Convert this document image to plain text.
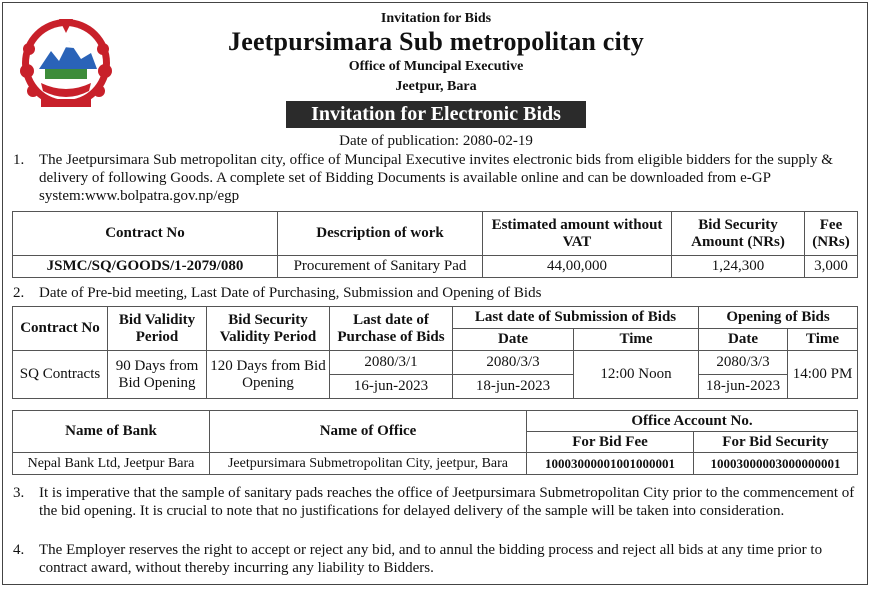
Invitation for Bids
Jeetpursimara Sub metropolitan city
Office of Muncipal Executive
Jeetpur, Bara
Invitation for Electronic Bids
Date of publication: 2080-02-19
1. The Jeetpursimara Sub metropolitan city, office of Muncipal Executive invites electronic bids from eligible bidders for the supply & delivery of following Goods. A complete set of Bidding Documents is available online and can be downloaded from e-GP system:www.bolpatra.gov.np/egp
Contract No	Description of work	Estimated amount without VAT	Bid Security Amount (NRs)	Fee (NRs)
JSMC/SQ/GOODS/1-2079/080	Procurement of Sanitary Pad	44,00,000	1,24,300	3,000
2. Date of Pre-bid meeting, Last Date of Purchasing, Submission and Opening of Bids
Contract No	Bid Validity Period	Bid Security Validity Period	Last date of Purchase of Bids	Last date of Submission of Bids		Opening of Bids	
				Date	Time	Date	Time
SQ Contracts	90 Days from Bid Opening	120 Days from Bid Opening	2080/3/1	2080/3/3	12:00 Noon	2080/3/3	14:00 PM
			16-jun-2023	18-jun-2023		18-jun-2023	
Name of Bank	Name of Office	Office Account No.	
		For Bid Fee	For Bid Security
Nepal Bank Ltd, Jeetpur Bara	Jeetpursimara Submetropolitan City, jeetpur, Bara	10003000001001000001	10003000003000000001
3. It is imperative that the sample of sanitary pads reaches the office of Jeetpursimara Submetropolitan City prior to the commencement of the bid opening. It is crucial to note that no justifications for delayed delivery of the sample will be taken into consideration.
4. The Employer reserves the right to accept or reject any bid, and to annul the bidding process and reject all bids at any time prior to contract award, without thereby incurring any liability to Bidders.
